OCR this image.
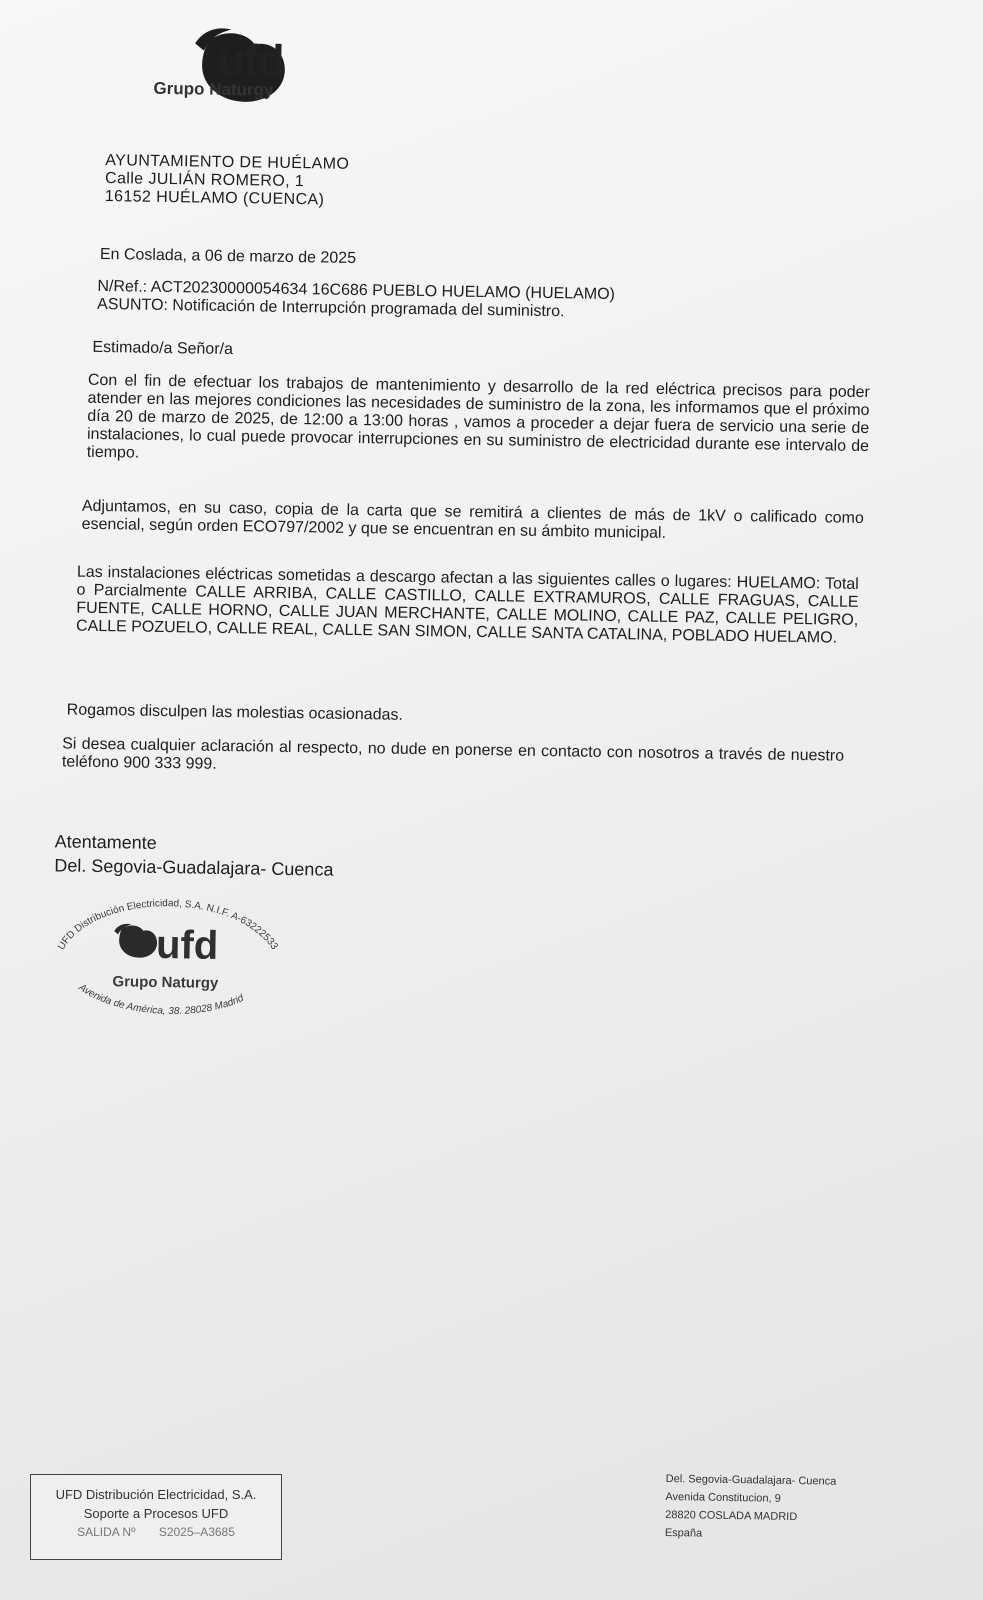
ufd
Grupo Naturgy
AYUNTAMIENTO DE HUÉLAMO
Calle JULIÁN ROMERO, 1
16152 HUÉLAMO (CUENCA)
En Coslada, a 06 de marzo de 2025
N/Ref.: ACT20230000054634 16C686 PUEBLO HUELAMO (HUELAMO)
ASUNTO: Notificación de Interrupción programada del suministro.
Estimado/a Señor/a
Con el fin de efectuar los trabajos de mantenimiento y desarrollo de la red eléctrica precisos para poder atender en las mejores condiciones las necesidades de suministro de la zona, les informamos que el próximo día 20 de marzo de 2025, de 12:00 a 13:00 horas , vamos a proceder a dejar fuera de servicio una serie de instalaciones, lo cual puede provocar interrupciones en su suministro de electricidad durante ese intervalo de tiempo.
Adjuntamos, en su caso, copia de la carta que se remitirá a clientes de más de 1kV o calificado como esencial, según orden ECO797/2002 y que se encuentran en su ámbito municipal.
Las instalaciones eléctricas sometidas a descargo afectan a las siguientes calles o lugares: HUELAMO: Total o Parcialmente CALLE ARRIBA, CALLE CASTILLO, CALLE EXTRAMUROS, CALLE FRAGUAS, CALLE FUENTE, CALLE HORNO, CALLE JUAN MERCHANTE, CALLE MOLINO, CALLE PAZ, CALLE PELIGRO, CALLE POZUELO, CALLE REAL, CALLE SAN SIMON, CALLE SANTA CATALINA, POBLADO HUELAMO.
Rogamos disculpen las molestias ocasionadas.
Si desea cualquier aclaración al respecto, no dude en ponerse en contacto con nosotros a través de nuestro teléfono 900 333 999.
Atentamente
Del. Segovia-Guadalajara- Cuenca
UFD Distribución Electricidad, S.A. N.I.F. A-63222533
Avenida de América, 38. 28028 Madrid
ufd
Grupo Naturgy
Del. Segovia-Guadalajara- Cuenca
Avenida Constitucion, 9
28820 COSLADA MADRID
España
UFD Distribución Electricidad, S.A.
Soporte a Procesos UFD
SALIDA Nº S2025–A3685
